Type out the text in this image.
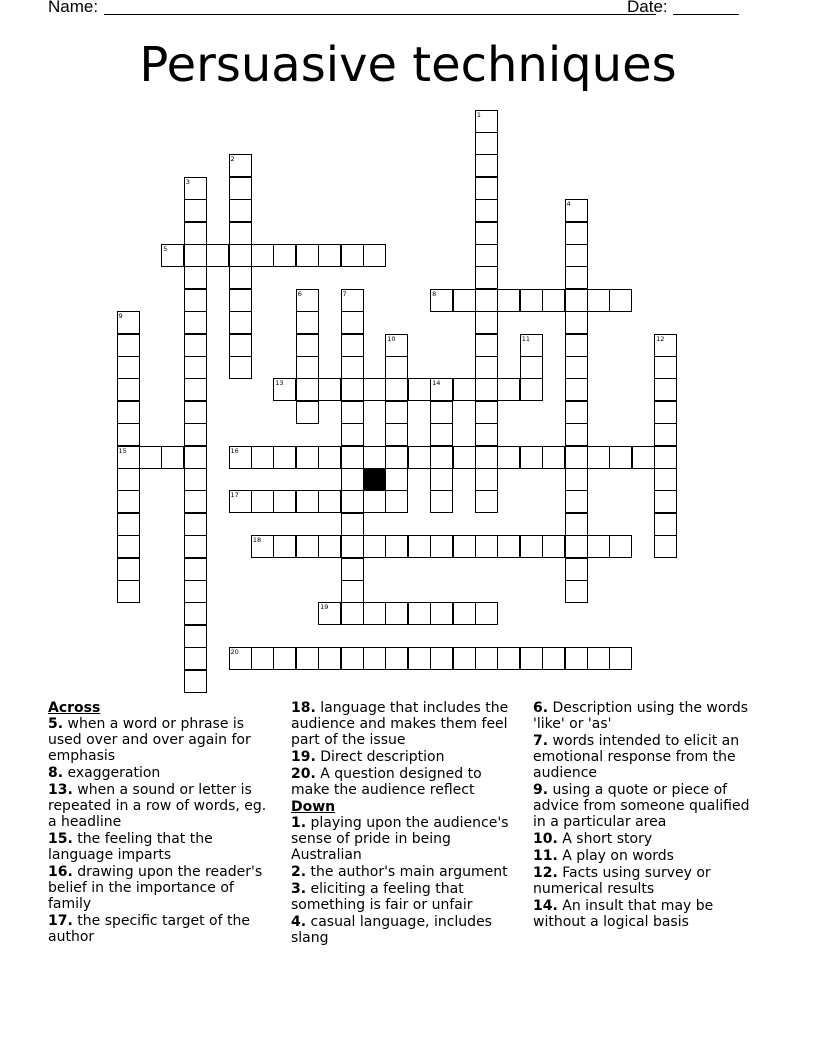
Name:	Date:
Persuasive techniques
5
8
13	14
15	16
17
18
19
20
1
2
3
4
6	7
9
10	11	12
Across
5. when a word or phrase is used over and over again for emphasis
8. exaggeration
13. when a sound or letter is repeated in a row of words, eg. a headline
15. the feeling that the language imparts
16. drawing upon the reader's belief in the importance of family
17. the specific target of the author
18. language that includes the audience and makes them feel part of the issue
19. Direct description
20. A question designed to make the audience reflect
Down
1. playing upon the audience's sense of pride in being Australian
2. the author's main argument
3. eliciting a feeling that something is fair or unfair
4. casual language, includes slang
6. Description using the words 'like' or 'as'
7. words intended to elicit an emotional response from the audience
9. using a quote or piece of advice from someone qualified in a particular area
10. A short story
11. A play on words
12. Facts using survey or numerical results
14. An insult that may be without a logical basis
